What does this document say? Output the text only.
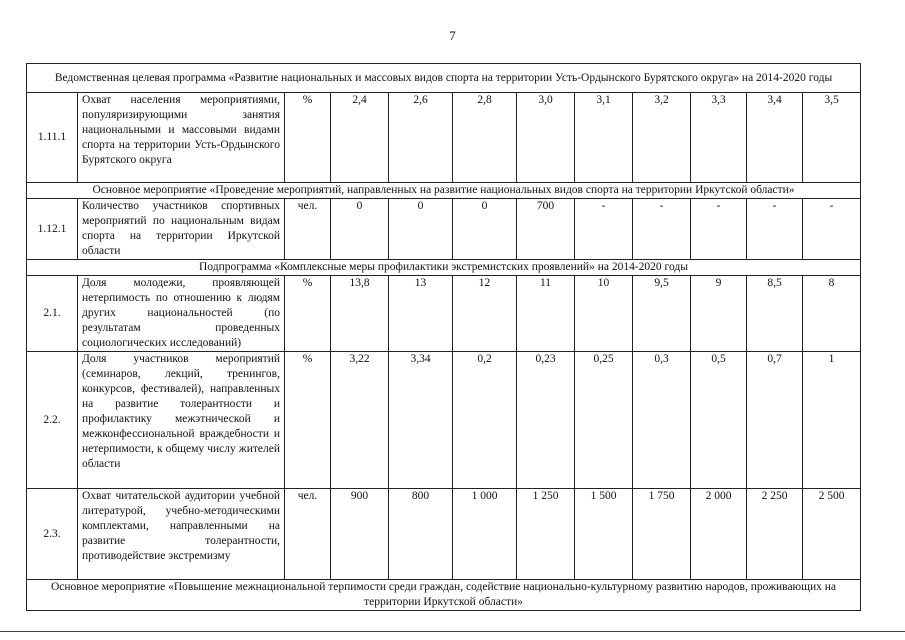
7
Ведомственная целевая программа «Развитие национальных и массовых видов спорта на территории Усть-Ордынского Бурятского округа» на 2014-2020 годы											
1.11.1	Охват населения мероприятиями, популяризирующими занятия национальными и массовыми видами спорта на территории Усть-Ордынского Бурятского округа	%	2,4	2,6	2,8	3,0	3,1	3,2	3,3	3,4	3,5
Основное мероприятие «Проведение мероприятий, направленных на развитие национальных видов спорта на территории Иркутской области»											
1.12.1	Количество участников спортивных мероприятий по национальным видам спорта на территории Иркутской области	чел.	0	0	0	700	-	-	-	-	-
Подпрограмма «Комплексные меры профилактики экстремистских проявлений» на 2014-2020 годы											
2.1.	Доля молодежи, проявляющей нетерпимость по отношению к людям других национальностей (по результатам проведенных социологических исследований)	%	13,8	13	12	11	10	9,5	9	8,5	8
2.2.	Доля участников мероприятий (семинаров, лекций, тренингов, конкурсов, фестивалей), направленных на развитие толерантности и профилактику межэтнической и межконфессиональной враждебности и нетерпимости, к общему числу жителей области	%	3,22	3,34	0,2	0,23	0,25	0,3	0,5	0,7	1
2.3.	Охват читательской аудитории учебной литературой, учебно-методическими комплектами, направленными на развитие толерантности, противодействие экстремизму	чел.	900	800	1 000	1 250	1 500	1 750	2 000	2 250	2 500
Основное мероприятие «Повышение межнациональной терпимости среди граждан, содействие национально-культурному развитию народов, проживающих на территории Иркутской области»											
